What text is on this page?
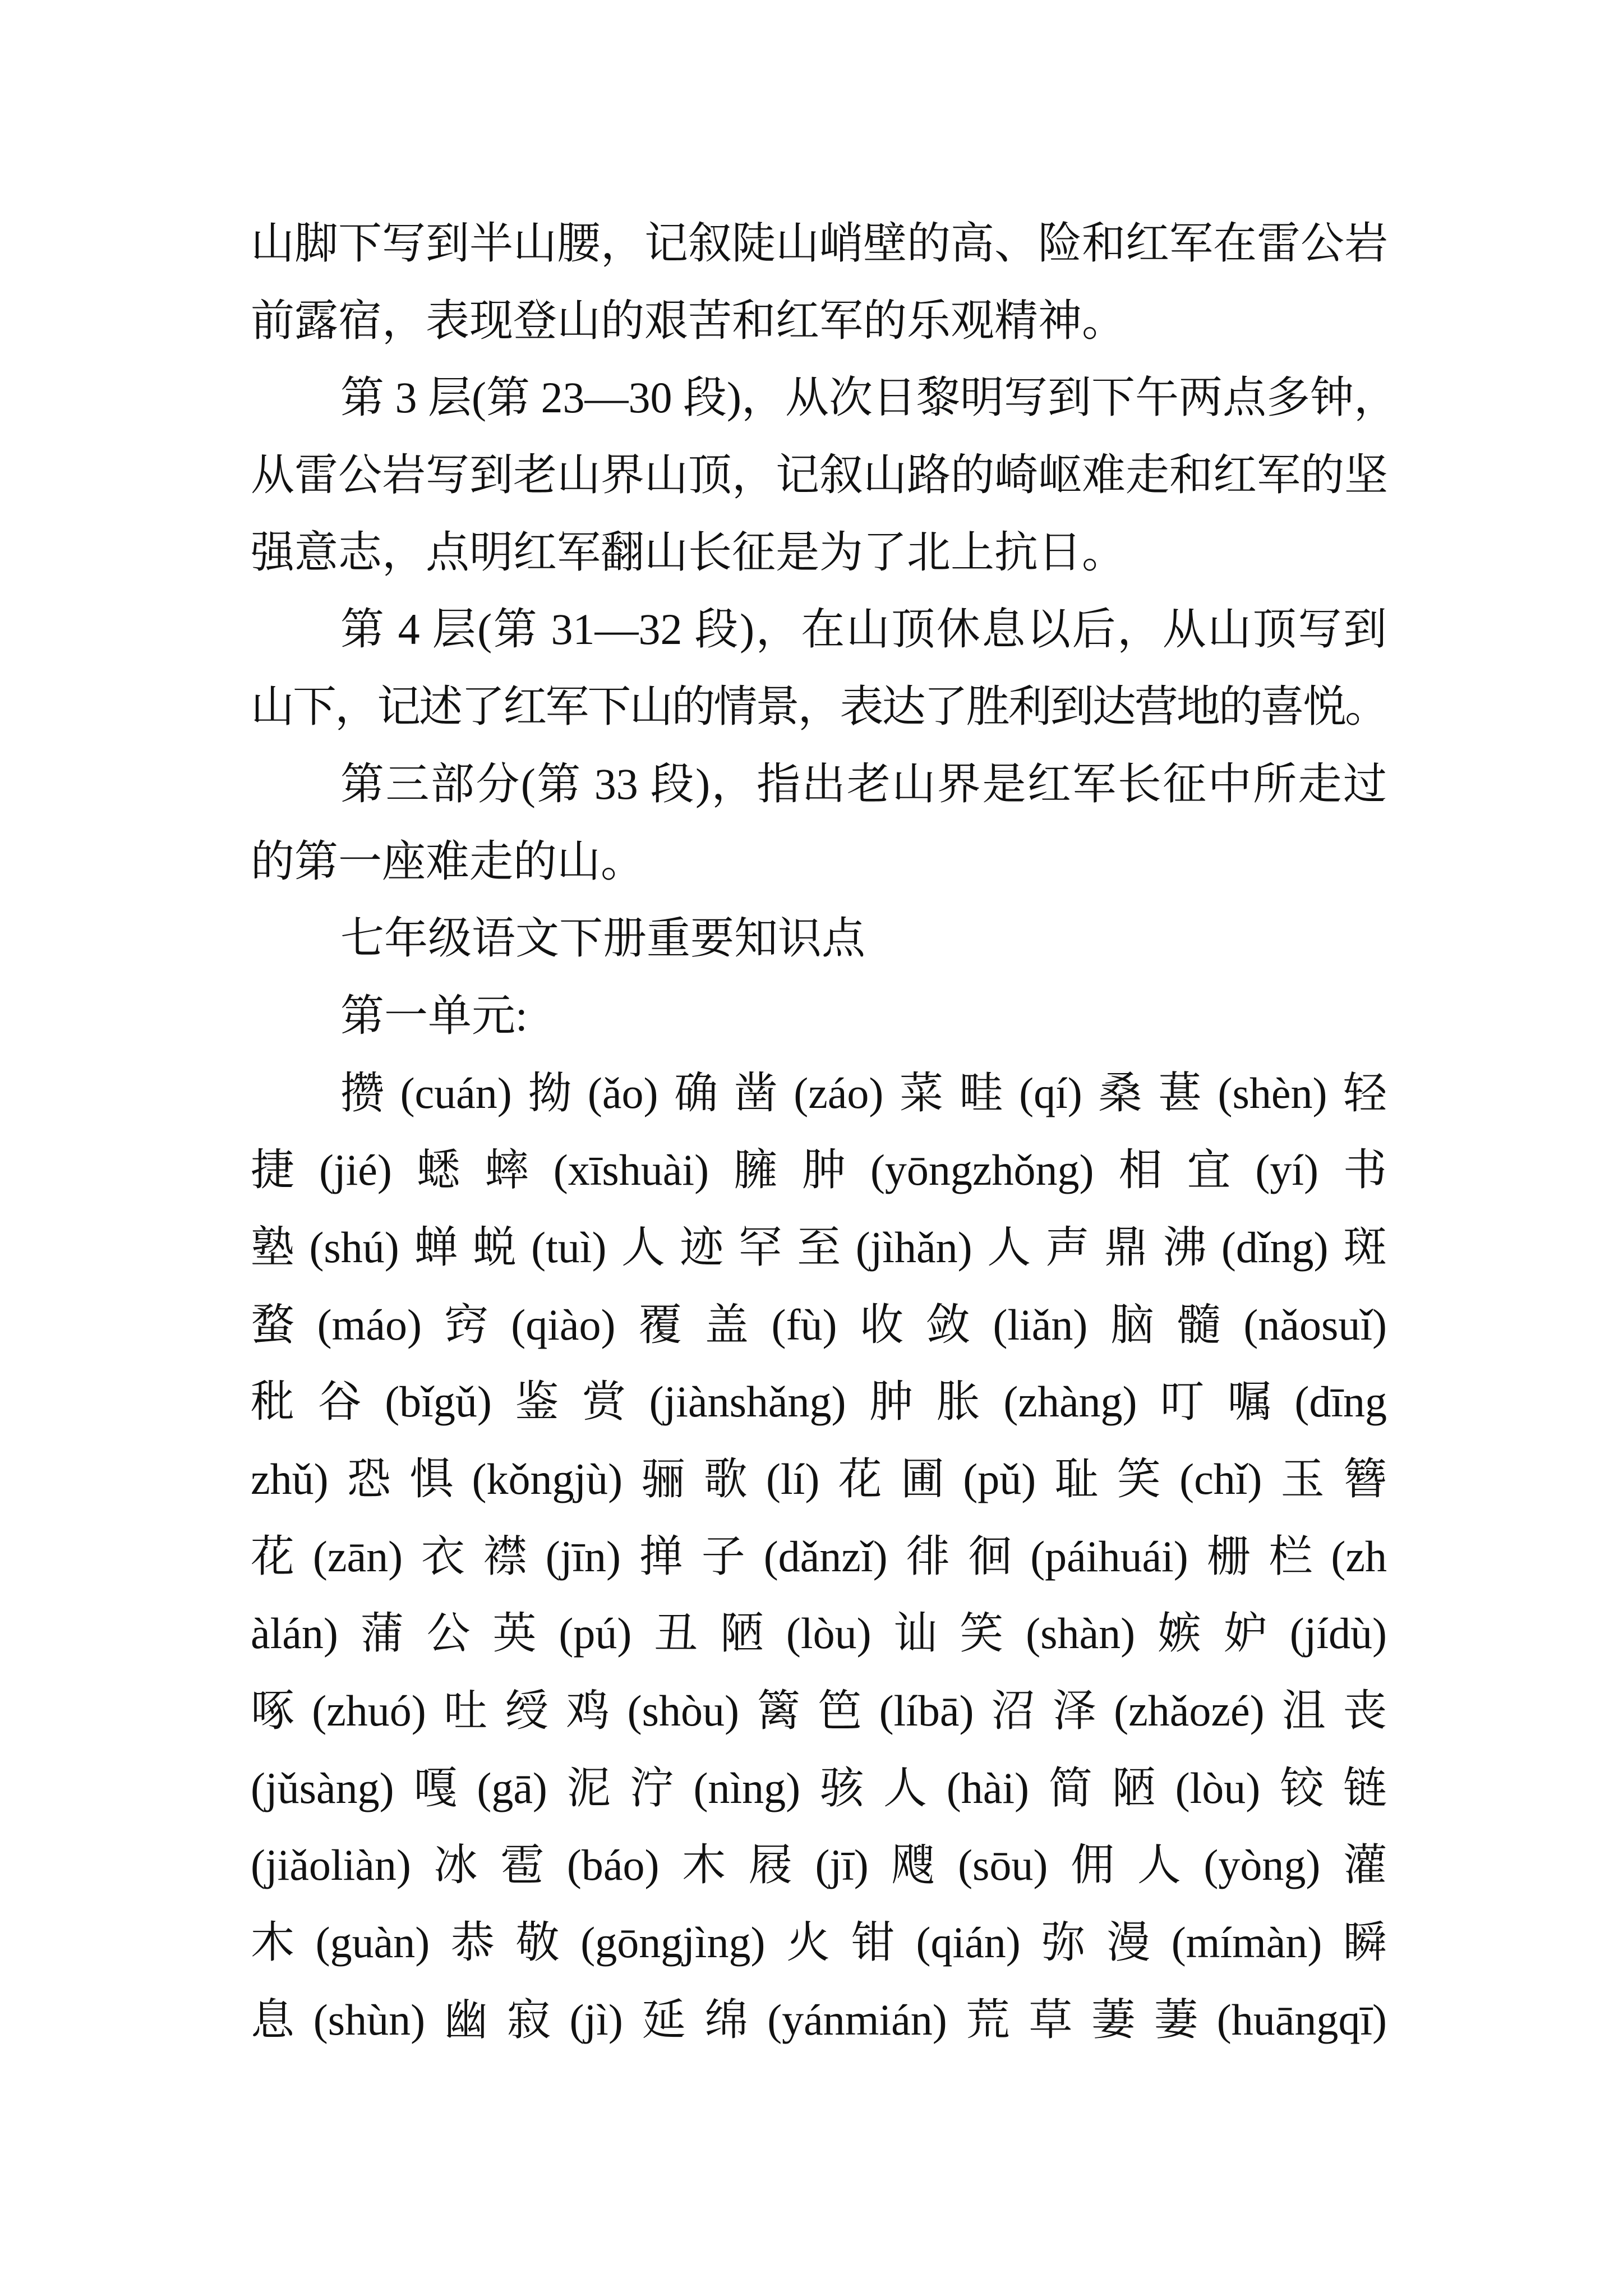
山脚下写到半山腰，记叙陡山峭壁的高、险和红军在雷公岩
前露宿，表现登山的艰苦和红军的乐观精神。
第 3 层(第 23—30 段)，从次日黎明写到下午两点多钟，
从雷公岩写到老山界山顶，记叙山路的崎岖难走和红军的坚
强意志，点明红军翻山长征是为了北上抗日。
第 4 层(第 31—32 段)，在山顶休息以后，从山顶写到
山下，记述了红军下山的情景，表达了胜利到达营地的喜悦。
第三部分(第 33 段)，指出老山界是红军长征中所走过
的第一座难走的山。
七年级语文下册重要知识点
第一单元:
攒(cuán)拗(ǎo)确凿(záo)菜畦(qí)桑葚(shèn)轻
捷(jié)蟋蟀(xīshuài)臃肿(yōngzhǒng)相宜(yí)书
塾(shú)蝉蜕(tuì)人迹罕至(jìhǎn)人声鼎沸(dǐng)斑
蝥(máo)窍(qiào)覆盖(fù)收敛(liǎn)脑髓(nǎosuǐ)
秕谷(bǐgǔ)鉴赏(jiànshǎng)肿胀(zhàng)叮嘱(dīng
zhǔ)恐惧(kǒngjù)骊歌(lí)花圃(pǔ)耻笑(chǐ)玉簪
花(zān)衣襟(jīn)掸子(dǎnzǐ)徘徊(páihuái)栅栏(zh
àlán)蒲公英(pú)丑陋(lòu)讪笑(shàn)嫉妒(jídù)
啄(zhuó)吐绶鸡(shòu)篱笆(líbā)沼泽(zhǎozé)沮丧
(jǔsàng)嘎(gā)泥泞(nìng)骇人(hài)简陋(lòu)铰链
(jiǎoliàn)冰雹(báo)木屐(jī)飕(sōu)佣人(yòng)灌
木(guàn)恭敬(gōngjìng)火钳(qián)弥漫(mímàn)瞬
息(shùn)幽寂(jì)延绵(yánmián)荒草萋萋(huāngqī)
